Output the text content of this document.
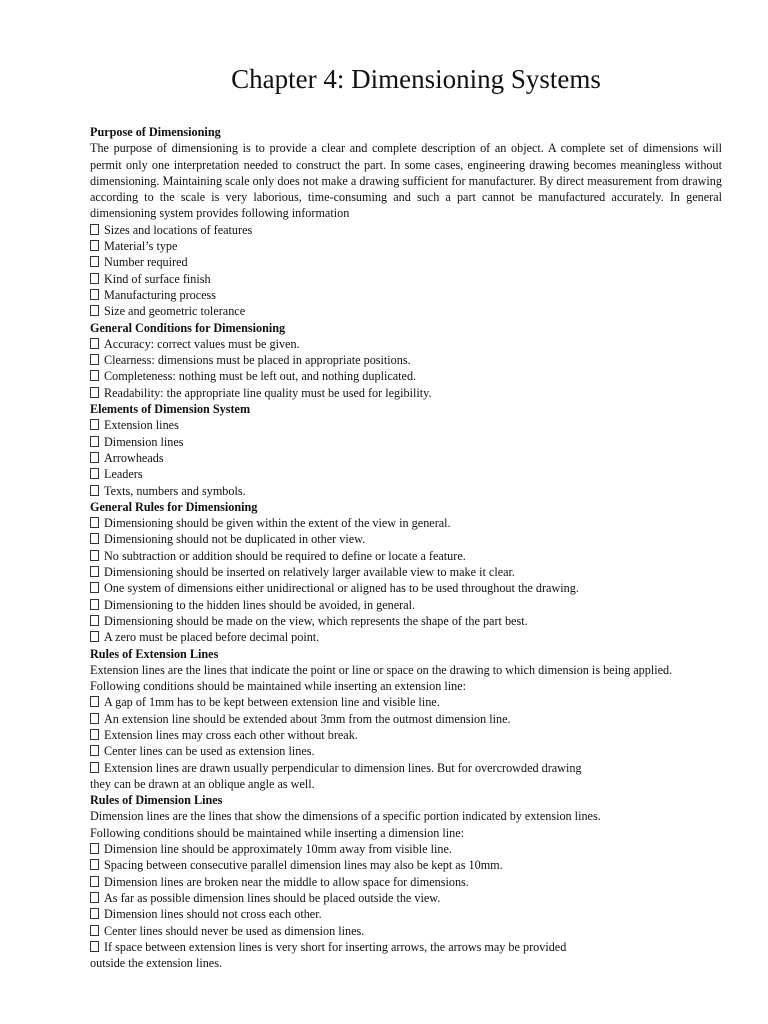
Chapter 4: Dimensioning Systems
Purpose of Dimensioning
The purpose of dimensioning is to provide a clear and complete description of an object. A complete set of dimensions will permit only one interpretation needed to construct the part. In some cases, engineering drawing becomes meaningless without dimensioning. Maintaining scale only does not make a drawing sufficient for manufacturer. By direct measurement from drawing according to the scale is very laborious, time-consuming and such a part cannot be manufactured accurately. In general dimensioning system provides following information
Sizes and locations of features
Material’s type
Number required
Kind of surface finish
Manufacturing process
Size and geometric tolerance
General Conditions for Dimensioning
Accuracy: correct values must be given.
Clearness: dimensions must be placed in appropriate positions.
Completeness: nothing must be left out, and nothing duplicated.
Readability: the appropriate line quality must be used for legibility.
Elements of Dimension System
Extension lines
Dimension lines
Arrowheads
Leaders
Texts, numbers and symbols.
General Rules for Dimensioning
Dimensioning should be given within the extent of the view in general.
Dimensioning should not be duplicated in other view.
No subtraction or addition should be required to define or locate a feature.
Dimensioning should be inserted on relatively larger available view to make it clear.
One system of dimensions either unidirectional or aligned has to be used throughout the drawing.
Dimensioning to the hidden lines should be avoided, in general.
Dimensioning should be made on the view, which represents the shape of the part best.
A zero must be placed before decimal point.
Rules of Extension Lines
Extension lines are the lines that indicate the point or line or space on the drawing to which dimension is being applied.
Following conditions should be maintained while inserting an extension line:
A gap of 1mm has to be kept between extension line and visible line.
An extension line should be extended about 3mm from the outmost dimension line.
Extension lines may cross each other without break.
Center lines can be used as extension lines.
Extension lines are drawn usually perpendicular to dimension lines. But for overcrowded drawing
they can be drawn at an oblique angle as well.
Rules of Dimension Lines
Dimension lines are the lines that show the dimensions of a specific portion indicated by extension lines.
Following conditions should be maintained while inserting a dimension line:
Dimension line should be approximately 10mm away from visible line.
Spacing between consecutive parallel dimension lines may also be kept as 10mm.
Dimension lines are broken near the middle to allow space for dimensions.
As far as possible dimension lines should be placed outside the view.
Dimension lines should not cross each other.
Center lines should never be used as dimension lines.
If space between extension lines is very short for inserting arrows, the arrows may be provided
outside the extension lines.
